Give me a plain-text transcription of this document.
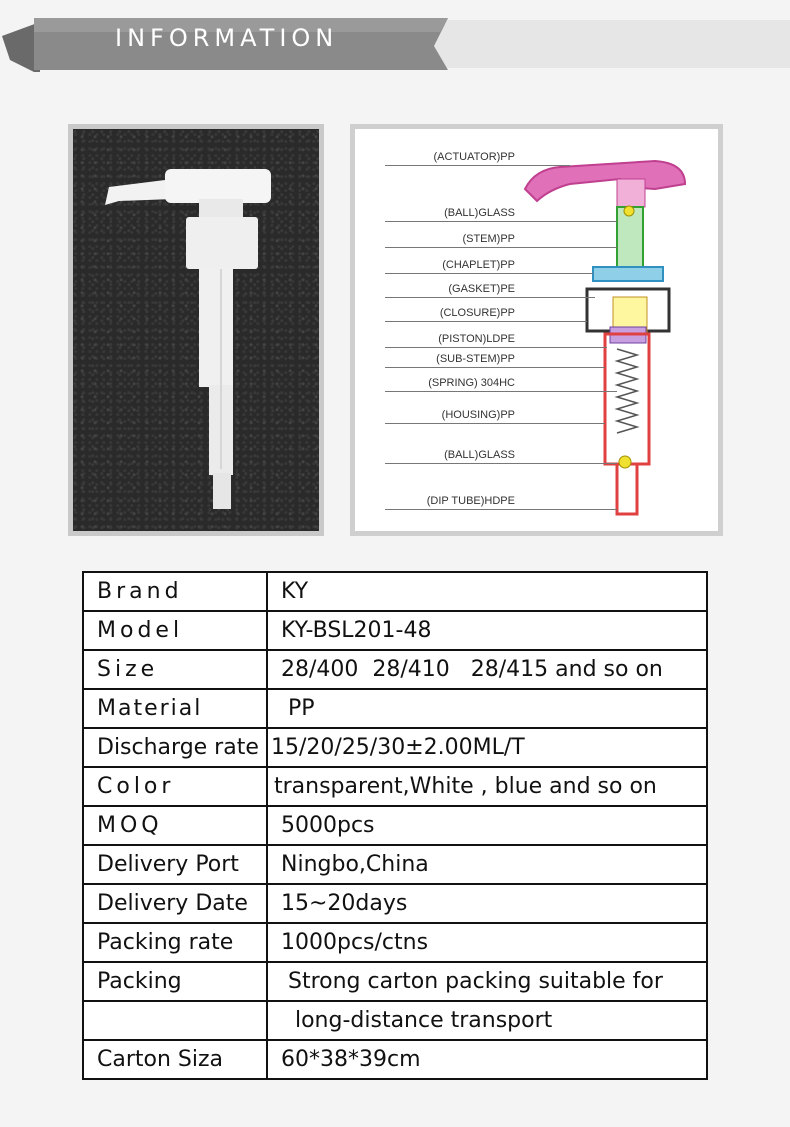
INFORMATION
(ACTUATOR)PP
(BALL)GLASS
(STEM)PP
(CHAPLET)PP
(GASKET)PE
(CLOSURE)PP
(PISTON)LDPE
(SUB-STEM)PP
(SPRING) 304HC
(HOUSING)PP
(BALL)GLASS
(DIP TUBE)HDPE
Brand	KY
Model	KY-BSL201-48
Size	28/400  28/410   28/415 and so on
Material	PP
Discharge rate	15/20/25/30±2.00ML/T
Color	transparent,White , blue and so on
MOQ	5000pcs
Delivery Port	Ningbo,China
Delivery Date	15~20days
Packing rate	1000pcs/ctns
Packing	Strong carton packing suitable for
	long-distance transport
Carton Siza	60*38*39cm
